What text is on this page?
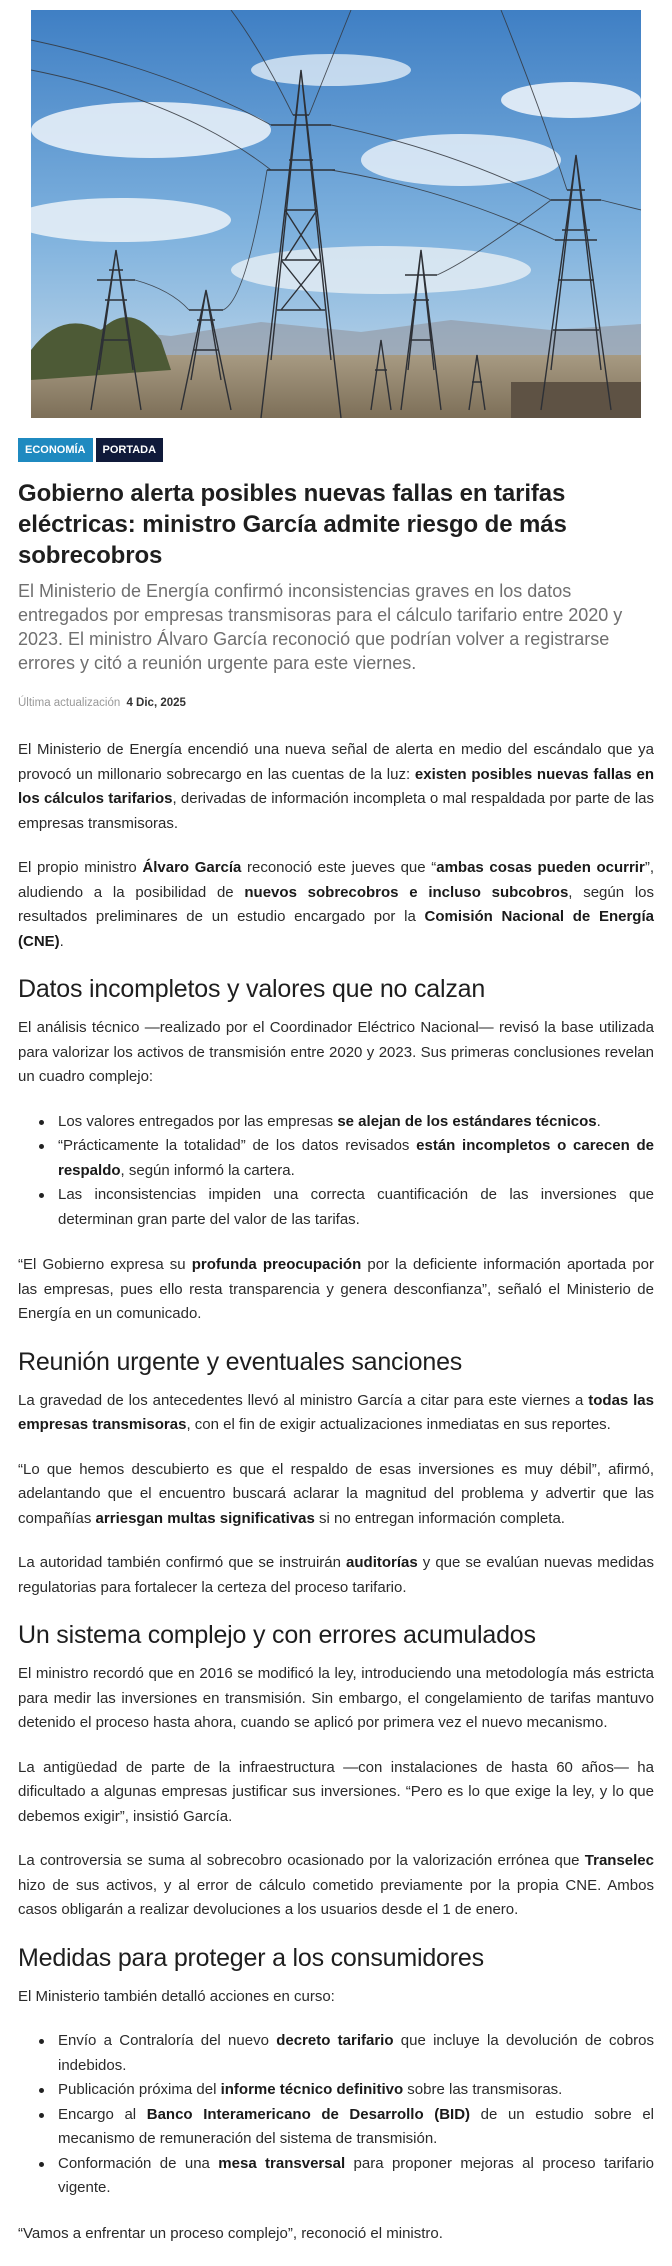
ECONOMÍA	PORTADA
Gobierno alerta posibles nuevas fallas en tarifas eléctricas: ministro García admite riesgo de más sobrecobros

El Ministerio de Energía confirmó inconsistencias graves en los datos entregados por empresas transmisoras para el cálculo tarifario entre 2020 y 2023. El ministro Álvaro García reconoció que podrían volver a registrarse errores y citó a reunión urgente para este viernes.

Última actualización 4 Dic, 2025

El Ministerio de Energía encendió una nueva señal de alerta en medio del escándalo que ya provocó un millonario sobrecargo en las cuentas de la luz: existen posibles nuevas fallas en los cálculos tarifarios, derivadas de información incompleta o mal respaldada por parte de las empresas transmisoras.

El propio ministro Álvaro García reconoció este jueves que “ambas cosas pueden ocurrir”, aludiendo a la posibilidad de nuevos sobrecobros e incluso subcobros, según los resultados preliminares de un estudio encargado por la Comisión Nacional de Energía (CNE).

Datos incompletos y valores que no calzan

El análisis técnico —realizado por el Coordinador Eléctrico Nacional— revisó la base utilizada para valorizar los activos de transmisión entre 2020 y 2023. Sus primeras conclusiones revelan un cuadro complejo:

Los valores entregados por las empresas se alejan de los estándares técnicos.
“Prácticamente la totalidad” de los datos revisados están incompletos o carecen de respaldo, según informó la cartera.
Las inconsistencias impiden una correcta cuantificación de las inversiones que determinan gran parte del valor de las tarifas.

“El Gobierno expresa su profunda preocupación por la deficiente información aportada por las empresas, pues ello resta transparencia y genera desconfianza”, señaló el Ministerio de Energía en un comunicado.

Reunión urgente y eventuales sanciones

La gravedad de los antecedentes llevó al ministro García a citar para este viernes a todas las empresas transmisoras, con el fin de exigir actualizaciones inmediatas en sus reportes.

“Lo que hemos descubierto es que el respaldo de esas inversiones es muy débil”, afirmó, adelantando que el encuentro buscará aclarar la magnitud del problema y advertir que las compañías arriesgan multas significativas si no entregan información completa.

La autoridad también confirmó que se instruirán auditorías y que se evalúan nuevas medidas regulatorias para fortalecer la certeza del proceso tarifario.

Un sistema complejo y con errores acumulados

El ministro recordó que en 2016 se modificó la ley, introduciendo una metodología más estricta para medir las inversiones en transmisión. Sin embargo, el congelamiento de tarifas mantuvo detenido el proceso hasta ahora, cuando se aplicó por primera vez el nuevo mecanismo.

La antigüedad de parte de la infraestructura —con instalaciones de hasta 60 años— ha dificultado a algunas empresas justificar sus inversiones. “Pero es lo que exige la ley, y lo que debemos exigir”, insistió García.

La controversia se suma al sobrecobro ocasionado por la valorización errónea que Transelec hizo de sus activos, y al error de cálculo cometido previamente por la propia CNE. Ambos casos obligarán a realizar devoluciones a los usuarios desde el 1 de enero.

Medidas para proteger a los consumidores

El Ministerio también detalló acciones en curso:

Envío a Contraloría del nuevo decreto tarifario que incluye la devolución de cobros indebidos.
Publicación próxima del informe técnico definitivo sobre las transmisoras.
Encargo al Banco Interamericano de Desarrollo (BID) de un estudio sobre el mecanismo de remuneración del sistema de transmisión.
Conformación de una mesa transversal para proponer mejoras al proceso tarifario vigente.

“Vamos a enfrentar un proceso complejo”, reconoció el ministro.
